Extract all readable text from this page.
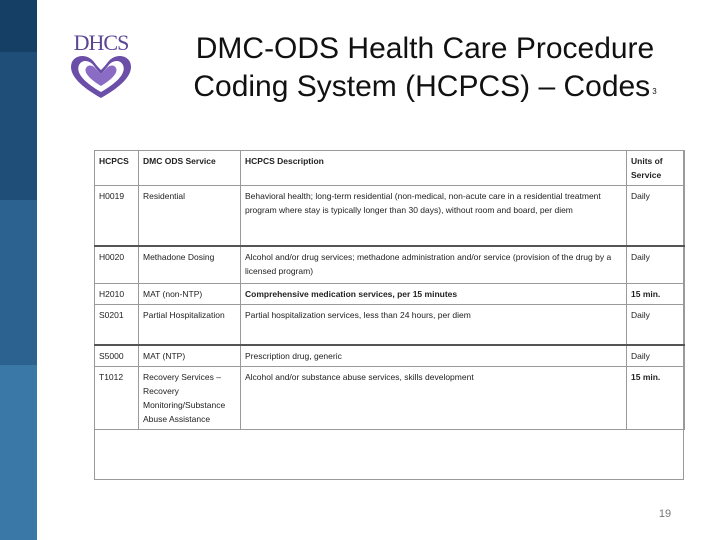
DHCS	DMC-ODS Health Care Procedure
Coding System (HCPCS) – Codes $^3$
HCPCS	DMC ODS Service	HCPCS Description	Units of Service
H0019	Residential	Behavioral health; long-term residential (non-medical, non-acute care in a residential treatment program where stay is typically longer than 30 days), without room and board, per diem	Daily
H0020	Methadone Dosing	Alcohol and/or drug services; methadone administration and/or service (provision of the drug by a licensed program)	Daily
H2010	MAT (non-NTP)	Comprehensive medication services, per 15 minutes	15 min.
S0201	Partial Hospitalization	Partial hospitalization services, less than 24 hours, per diem	Daily
S5000	MAT (NTP)	Prescription drug, generic	Daily
T1012	Recovery Services – Recovery Monitoring/Substance Abuse Assistance	Alcohol and/or substance abuse services, skills development	15 min.
19
